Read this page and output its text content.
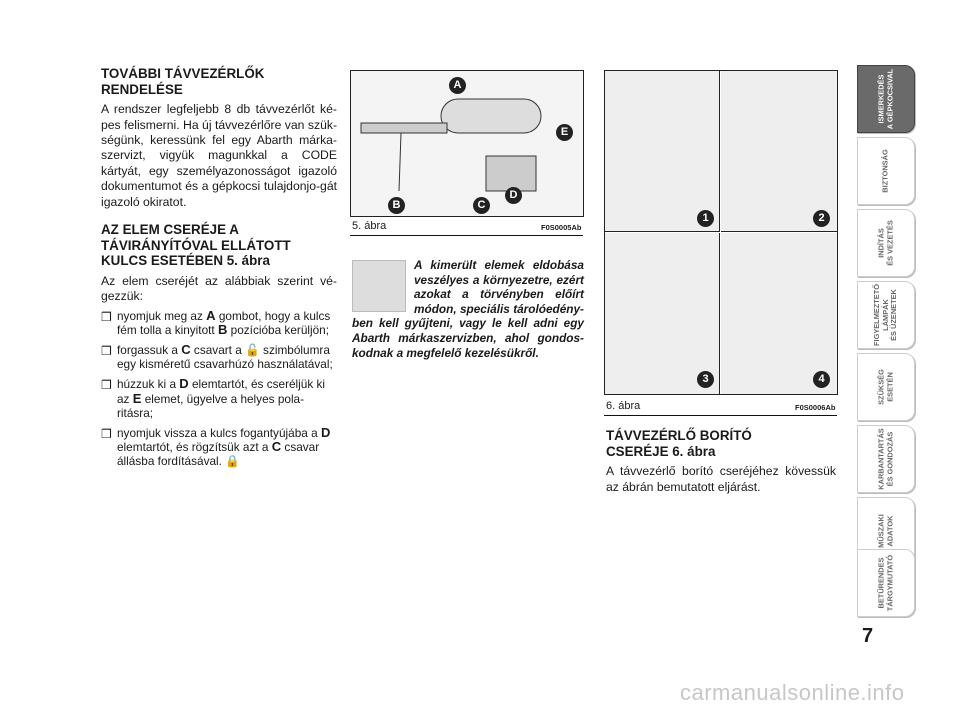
TOVÁBBI TÁVVEZÉRLŐK RENDELÉSE
A rendszer legfeljebb 8 db távvezérlőt ké-pes felismerni. Ha új távvezérlőre van szük-ségünk, keressünk fel egy Abarth márka-szervizt, vigyük magunkkal a CODE kártyát, egy személyazonosságot igazoló dokumentumot és a gépkocsi tulajdonjo-gát igazoló okiratot.
AZ ELEM CSERÉJE A TÁVIRÁNYÍTÓVAL ELLÁTOTT KULCS ESETÉBEN 5. ábra
Az elem cseréjét az alábbiak szerint vé-gezzük:
❒ nyomjuk meg az A gombot, hogy a kulcs fém tolla a kinyitott B pozícióba kerüljön;
❒ forgassuk a C csavart a 🔓 szimbólumra egy kisméretű csavarhúzó használatával;
❒ húzzuk ki a D elemtartót, és cseréljük ki az E elemet, ügyelve a helyes pola-ritásra;
❒ nyomjuk vissza a kulcs fogantyújába a D elemtartót, és rögzítsük azt a C csavar állásba fordításával. 🔒
A
E
B	C
D
5. ábra	F0S0005Ab
A kimerült elemek eldobása veszélyes a környezetre, ezért azokat a törvényben előírt módon, speciális tárolóedény-ben kell gyűjteni, vagy le kell adni egy Abarth márkaszervizben, ahol gondos-kodnak a megfelelő kezelésükről.
1	2
3	4
6. ábra	F0S0006Ab
TÁVVEZÉRLŐ BORÍTÓ CSERÉJE 6. ábra
A távvezérlő borító cseréjéhez kövessük az ábrán bemutatott eljárást.
ISMERKEDÉS
A GÉPKOCSIVAL
BIZTONSÁG
INDÍTÁS
ÉS VEZETÉS
FIGYELMEZTETŐ
LÁMPÁK
ÉS ÜZENETEK
SZÜKSÉG
ESETÉN
KARBANTARTÁS
ÉS GONDOZÁS
MŰSZAKI
ADATOK
BETŰRENDES
TÁRGYMUTATÓ
7
carmanualsonline.info
